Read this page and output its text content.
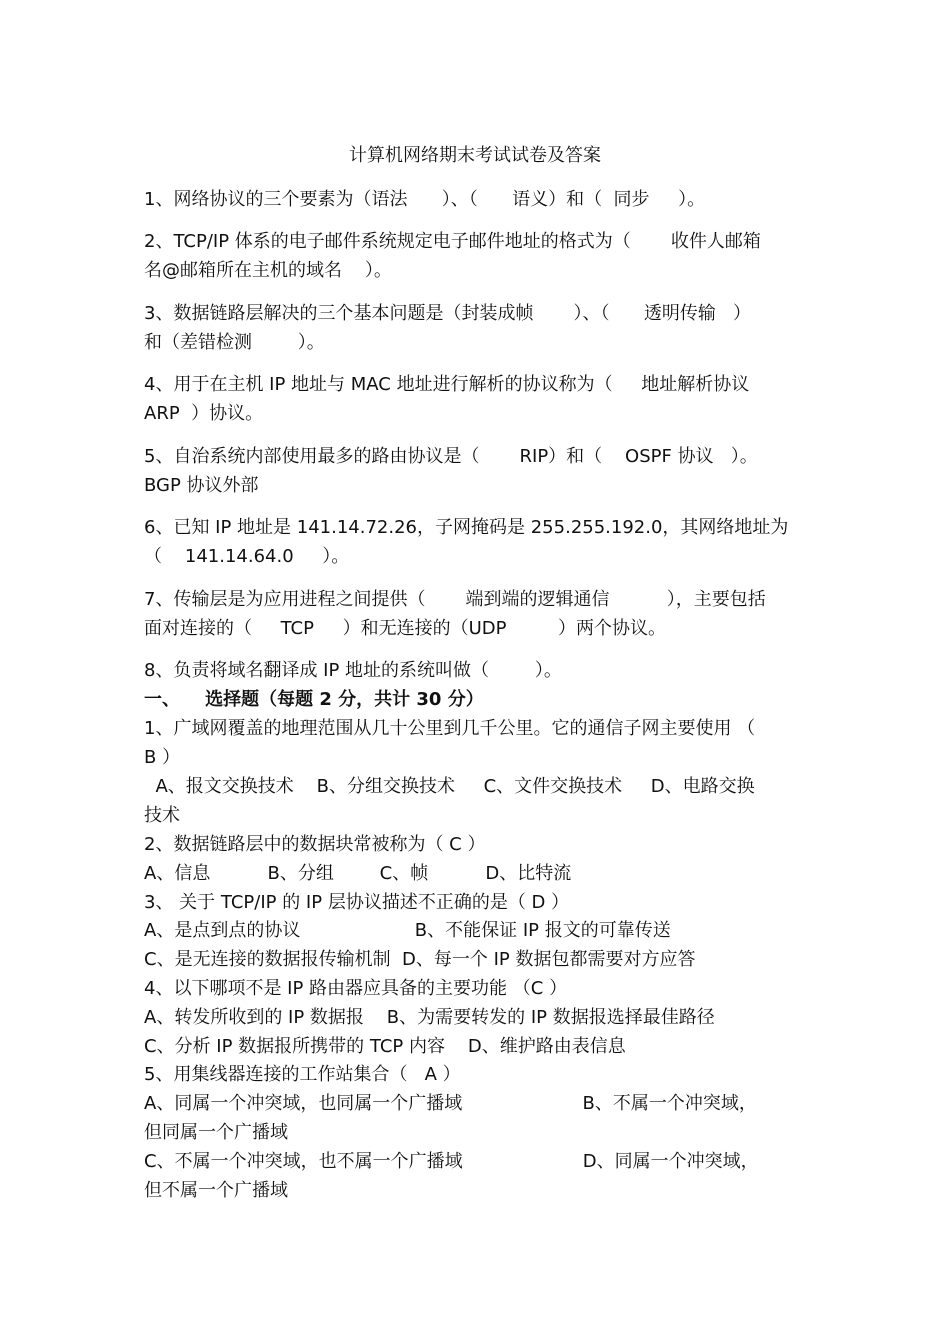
计算机网络期末考试试卷及答案
1、网络协议的三个要素为（语法      ）、（      语义）和（  同步     ）。
2、TCP/IP 体系的电子邮件系统规定电子邮件地址的格式为（       收件人邮箱
名@邮箱所在主机的域名    ）。
3、数据链路层解决的三个基本问题是（封装成帧       ）、（      透明传输   ）
和（差错检测        ）。
4、用于在主机 IP 地址与 MAC 地址进行解析的协议称为（     地址解析协议
ARP  ）协议。
5、自治系统内部使用最多的路由协议是（       RIP）和（    OSPF 协议   ）。
BGP 协议外部
6、已知 IP 地址是 141.14.72.26，子网掩码是 255.255.192.0，其网络地址为
（    141.14.64.0     ）。
7、传输层是为应用进程之间提供（       端到端的逻辑通信          ），主要包括
面对连接的（     TCP     ）和无连接的（UDP         ）两个协议。
8、负责将域名翻译成 IP 地址的系统叫做（        ）。
一、    选择题（每题 2 分，共计 30 分）
1、广域网覆盖的地理范围从几十公里到几千公里。它的通信子网主要使用 （
B ）
A、报文交换技术    B、分组交换技术     C、文件交换技术     D、电路交换
技术
2、数据链路层中的数据块常被称为（ C ）
A、信息          B、分组        C、帧          D、比特流
3、 关于 TCP/IP 的 IP 层协议描述不正确的是（ D ）
A、是点到点的协议                    B、不能保证 IP 报文的可靠传送
C、是无连接的数据报传输机制  D、每一个 IP 数据包都需要对方应答
4、以下哪项不是 IP 路由器应具备的主要功能 （C ）
A、转发所收到的 IP 数据报    B、为需要转发的 IP 数据报选择最佳路径
C、分析 IP 数据报所携带的 TCP 内容    D、维护路由表信息
5、用集线器连接的工作站集合（   A ）
A、同属一个冲突域，也同属一个广播域                     B、不属一个冲突域，
但同属一个广播域
C、不属一个冲突域，也不属一个广播域                     D、同属一个冲突域，
但不属一个广播域
